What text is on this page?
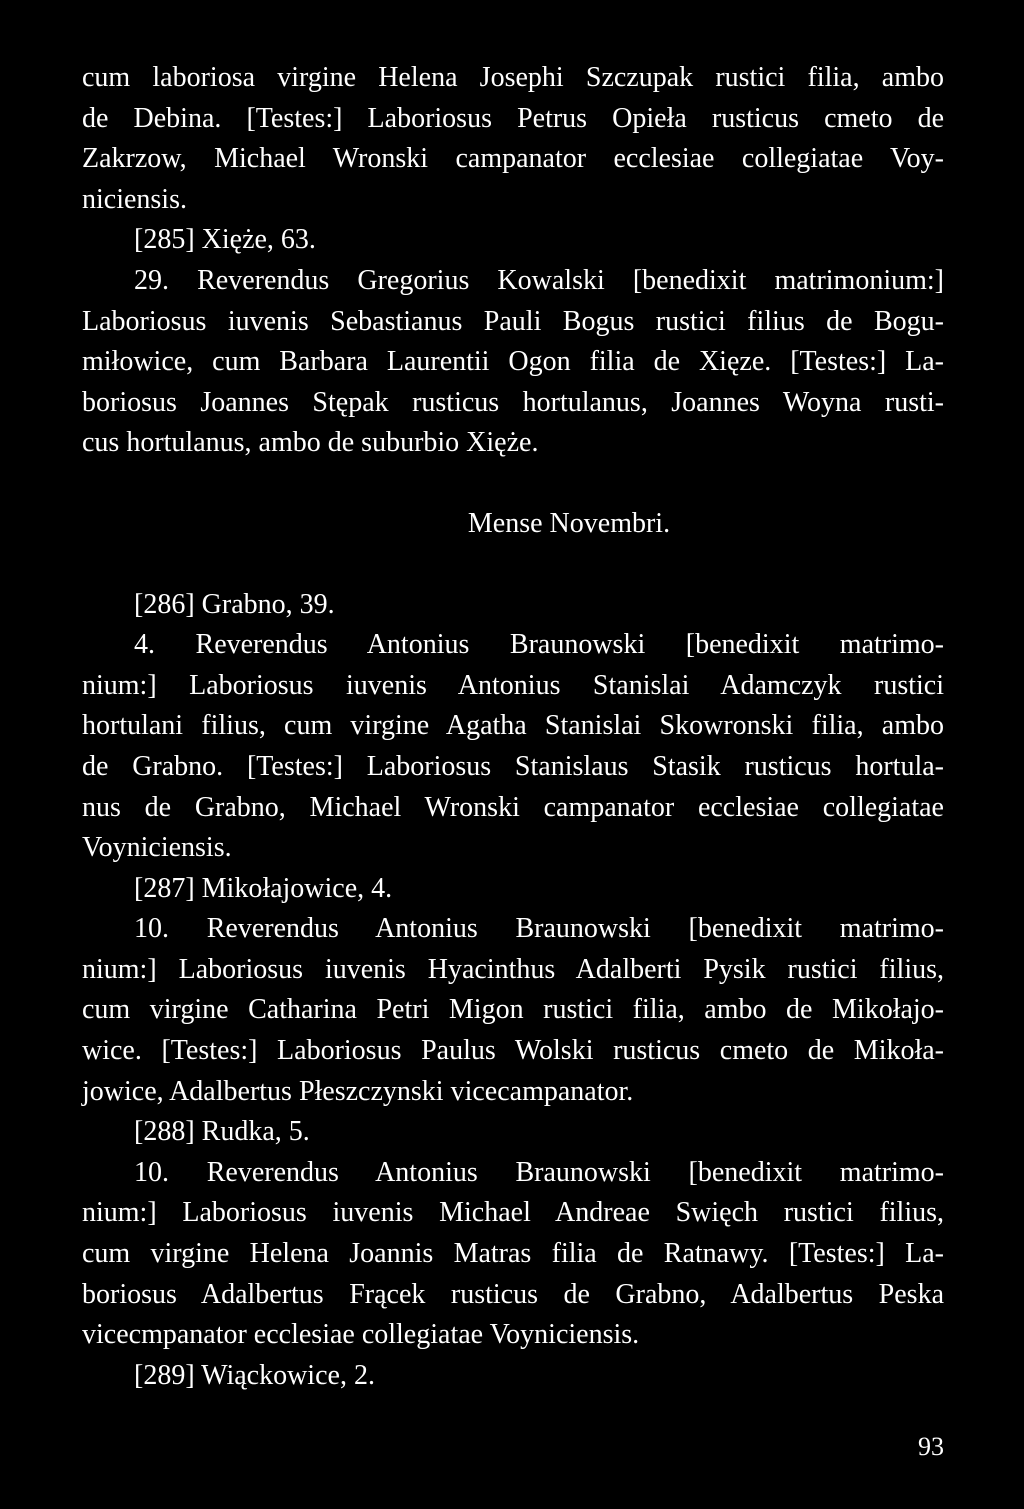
cum laboriosa virgine Helena Josephi Szczupak rustici filia, ambo
de Debina. [Testes:] Laboriosus Petrus Opieła rusticus cmeto de
Zakrzow, Michael Wronski campanator ecclesiae collegiatae Voy-
niciensis.
[285] Xiężе, 63.
29. Reverendus Gregorius Kowalski [benedixit matrimonium:]
Laboriosus iuvenis Sebastianus Pauli Bogus rustici filius de Bogu-
miłowice, cum Barbara Laurentii Ogon filia de Xięze. [Testes:] La-
boriosus Joannes Stępak rusticus hortulanus, Joannes Woyna rusti-
cus hortulanus, ambo de suburbio Xiężе.
Mense Novembri.
[286] Grabno, 39.
4. Reverendus Antonius Braunowski [benedixit matrimo-
nium:] Laboriosus iuvenis Antonius Stanislai Adamczyk rustici
hortulani filius, cum virgine Agatha Stanislai Skowronski filia, ambo
de Grabno. [Testes:] Laboriosus Stanislaus Stasik rusticus hortula-
nus de Grabno, Michael Wronski campanator ecclesiae collegiatae
Voyniciensis.
[287] Mikołajowice, 4.
10. Reverendus Antonius Braunowski [benedixit matrimo-
nium:] Laboriosus iuvenis Hyacinthus Adalberti Pysik rustici filius,
cum virgine Catharina Petri Migon rustici filia, ambo de Mikołajo-
wice. [Testes:] Laboriosus Paulus Wolski rusticus cmeto de Mikoła-
jowice, Adalbertus Płeszczynski vicecampanator.
[288] Rudka, 5.
10. Reverendus Antonius Braunowski [benedixit matrimo-
nium:] Laboriosus iuvenis Michael Andreae Swięch rustici filius,
cum virgine Helena Joannis Matras filia de Ratnawy. [Testes:] La-
boriosus Adalbertus Frącek rusticus de Grabno, Adalbertus Peska
vicecmpanator ecclesiae collegiatae Voyniciensis.
[289] Wiąckowice, 2.
93
